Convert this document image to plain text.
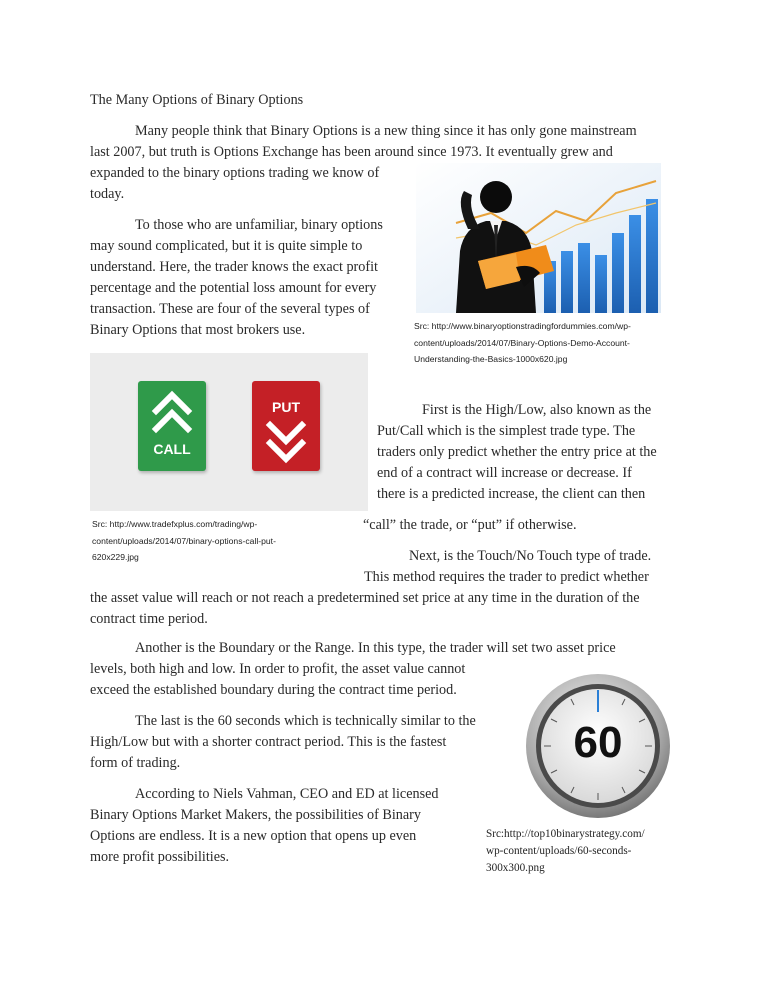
The Many Options of Binary Options
Many people think that Binary Options is a new thing since it has only gone mainstream
last 2007, but truth is Options Exchange has been around since 1973. It eventually grew and
expanded to the binary options trading we know of
today.
To those who are unfamiliar, binary options
may sound complicated, but it is quite simple to
understand. Here, the trader knows the exact profit
percentage and the potential loss amount for every
transaction. These are four of the several types of
Binary Options that most brokers use.	Src: http://www.binaryoptionstradingfordummies.com/wp-
content/uploads/2014/07/Binary-Options-Demo-Account-
Understanding-the-Basics-1000x620.jpg
CALL
PUT
Src: http://www.tradefxplus.com/trading/wp-
content/uploads/2014/07/binary-options-call-put-
620x229.jpg
First is the High/Low, also known as the
Put/Call which is the simplest trade type. The
traders only predict whether the entry price at the
end of a contract will increase or decrease. If
there is a predicted increase, the client can then
“call” the trade, or “put” if otherwise.
Next, is the Touch/No Touch type of trade.
This method requires the trader to predict whether
the asset value will reach or not reach a predetermined set price at any time in the duration of the
contract time period.
Another is the Boundary or the Range. In this type, the trader will set two asset price
levels, both high and low. In order to profit, the asset value cannot
exceed the established boundary during the contract time period.
The last is the 60 seconds which is technically similar to the
High/Low but with a shorter contract period. This is the fastest
form of trading.
According to Niels Vahman, CEO and ED at licensed
Binary Options Market Makers, the possibilities of Binary
Options are endless. It is a new option that opens up even
more profit possibilities.
60
Src:http://top10binarystrategy.com/
wp-content/uploads/60-seconds-
300x300.png
